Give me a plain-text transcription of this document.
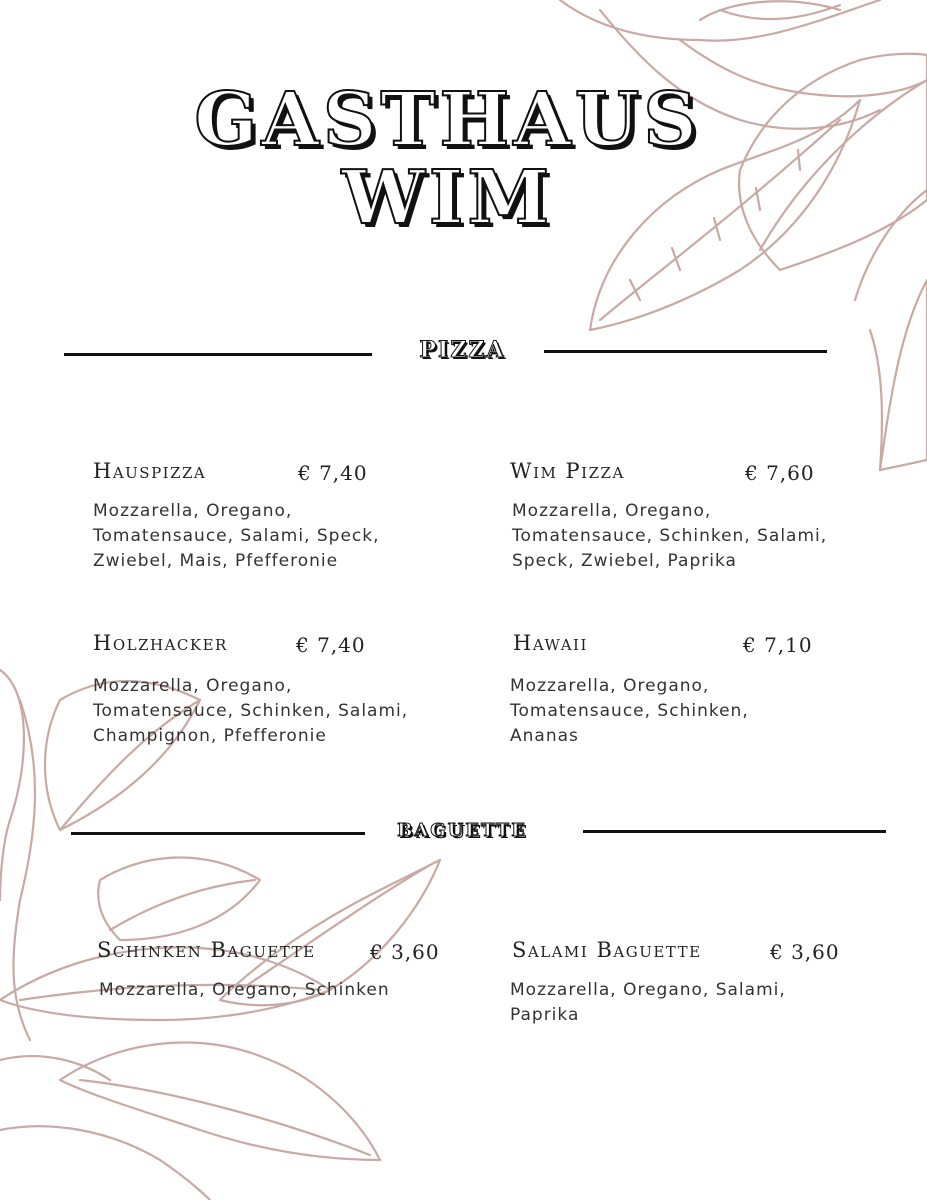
GASTHAUS
WIM
PIZZA
Hauspizza	€ 7,40
Mozzarella, Oregano, Tomatensauce, Salami, Speck, Zwiebel, Mais, Pfefferonie
Wim Pizza	€ 7,60
Mozzarella, Oregano, Tomatensauce, Schinken, Salami, Speck, Zwiebel, Paprika
Holzhacker	€ 7,40
Mozzarella, Oregano, Tomatensauce, Schinken, Salami, Champignon, Pfefferonie
Hawaii	€ 7,10
Mozzarella, Oregano, Tomatensauce, Schinken, Ananas
BAGUETTE
Schinken Baguette	€ 3,60
Mozzarella, Oregano, Schinken
Salami Baguette	€ 3,60
Mozzarella, Oregano, Salami, Paprika
